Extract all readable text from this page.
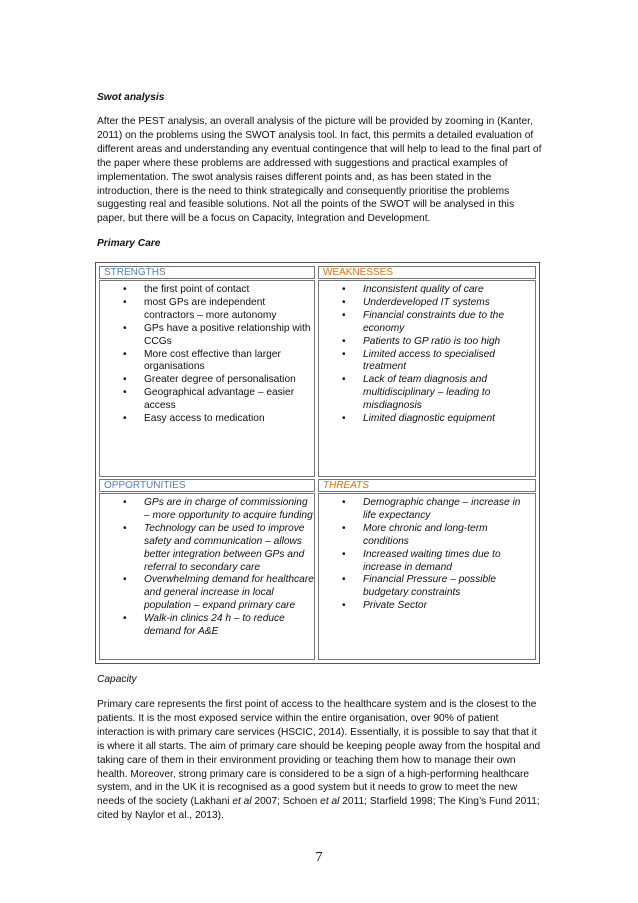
Swot analysis
After the PEST analysis, an overall analysis of the picture will be provided by zooming in (Kanter, 2011) on the problems using the SWOT analysis tool. In fact, this permits a detailed evaluation of different areas and understanding any eventual contingence that will help to lead to the final part of the paper where these problems are addressed with suggestions and practical examples of implementation. The swot analysis raises different points and, as has been stated in the introduction, there is the need to think strategically and consequently prioritise the problems suggesting real and feasible solutions. Not all the points of the SWOT will be analysed in this paper, but there will be a focus on Capacity, Integration and Development.
Primary Care
STRENGTHS	WEAKNESSES
• the first point of contact
• most GPs are independent contractors – more autonomy
• GPs have a positive relationship with CCGs
• More cost effective than larger organisations
• Greater degree of personalisation
• Geographical advantage – easier access
• Easy access to medication
• Inconsistent quality of care
• Underdeveloped IT systems
• Financial constraints due to the economy
• Patients to GP ratio is too high
• Limited access to specialised treatment
• Lack of team diagnosis and multidisciplinary – leading to misdiagnosis
• Limited diagnostic equipment
OPPORTUNITIES	THREATS
• GPs are in charge of commissioning – more opportunity to acquire funding
• Technology can be used to improve safety and communication – allows better integration between GPs and referral to secondary care
• Overwhelming demand for healthcare and general increase in local population – expand primary care
• Walk-in clinics 24 h – to reduce demand for A&E
• Demographic change – increase in life expectancy
• More chronic and long-term conditions
• Increased waiting times due to increase in demand
• Financial Pressure – possible budgetary constraints
• Private Sector
Capacity
Primary care represents the first point of access to the healthcare system and is the closest to the patients. It is the most exposed service within the entire organisation, over 90% of patient interaction is with primary care services (HSCIC, 2014). Essentially, it is possible to say that that it is where it all starts. The aim of primary care should be keeping people away from the hospital and taking care of them in their environment providing or teaching them how to manage their own health. Moreover, strong primary care is considered to be a sign of a high-performing healthcare system, and in the UK it is recognised as a good system but it needs to grow to meet the new needs of the society (Lakhani et al 2007; Schoen et al 2011; Starfield 1998; The King’s Fund 2011; cited by Naylor et al., 2013).
7
